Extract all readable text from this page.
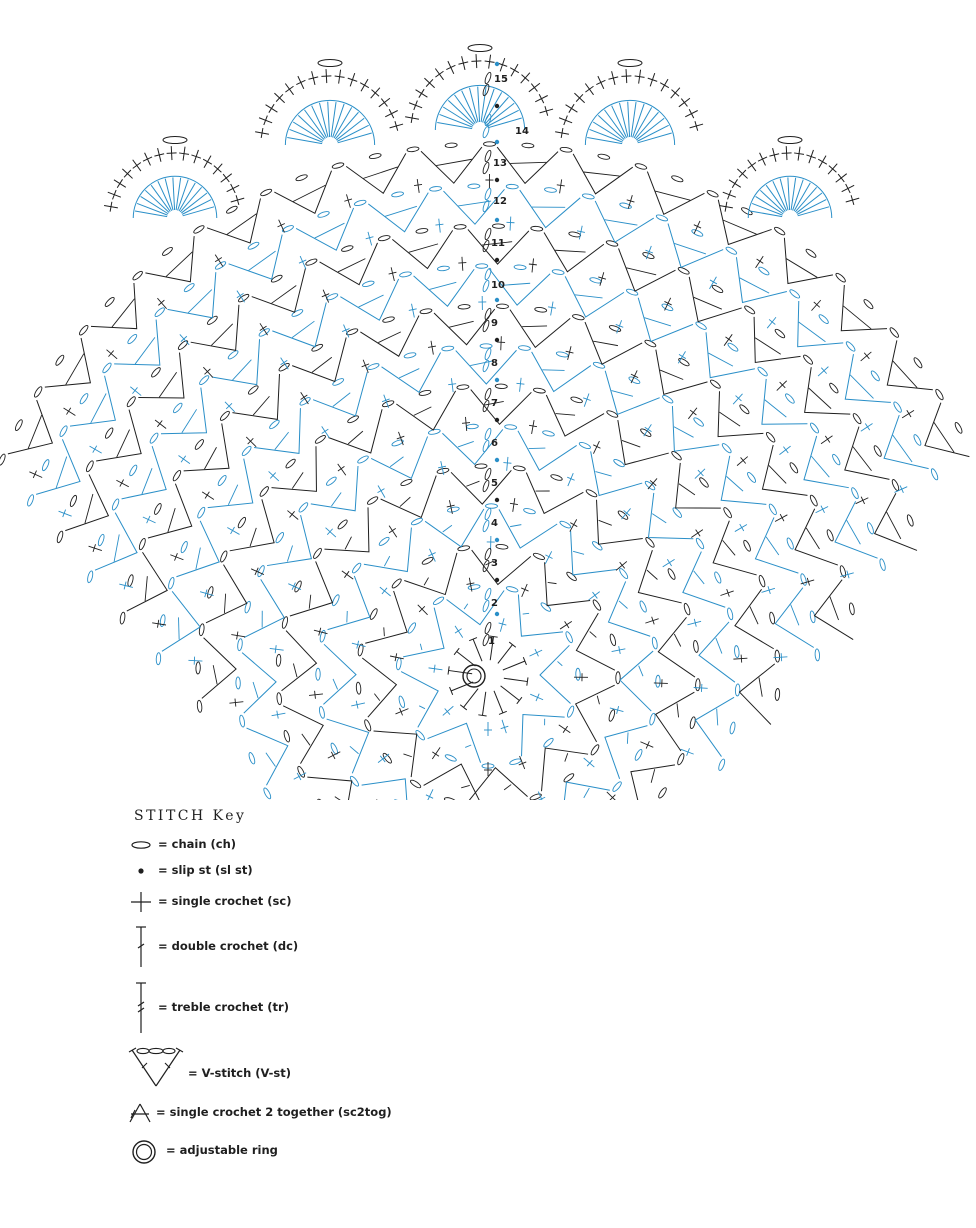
1
2
3
4
5
6
7
8
9
10
11
12
13
14
15
STITCH Key
= chain (ch)
= slip st (sl st)
= single crochet (sc)
= double crochet (dc)
= treble crochet (tr)
= V-stitch (V-st)
= single crochet 2 together (sc2tog)
= adjustable ring
